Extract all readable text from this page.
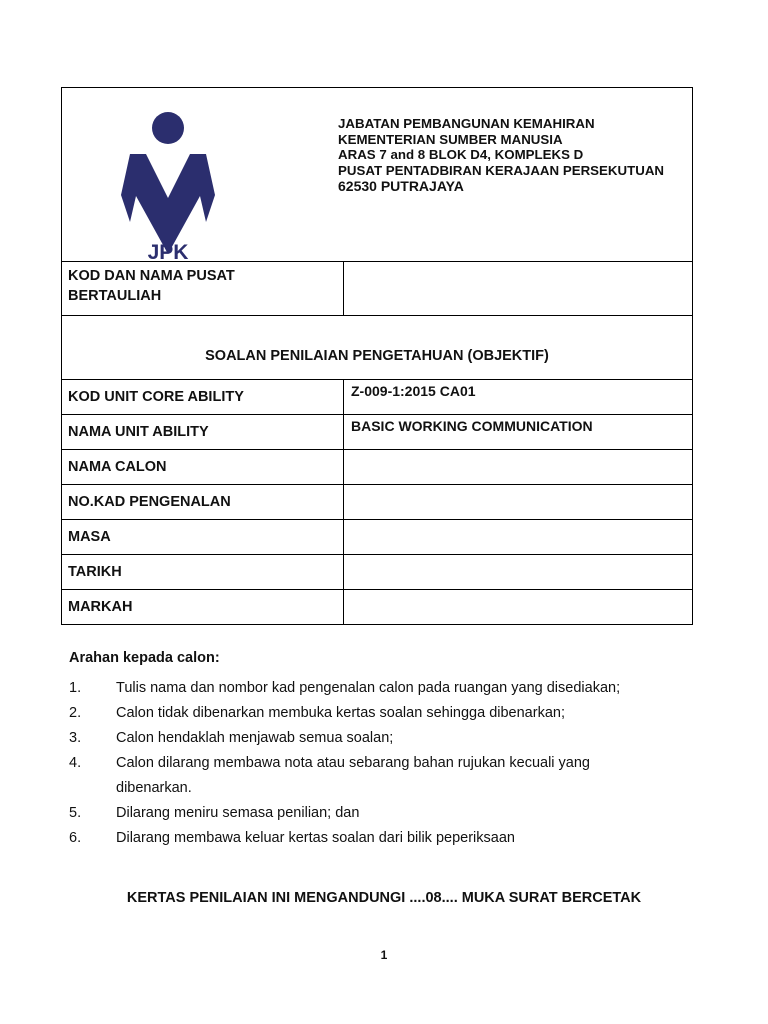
JPK
JABATAN PEMBANGUNAN KEMAHIRAN
KEMENTERIAN SUMBER MANUSIA
ARAS 7 and 8 BLOK D4, KOMPLEKS D
PUSAT PENTADBIRAN KERAJAAN PERSEKUTUAN
62530 PUTRAJAYA
KOD DAN NAMA PUSAT
BERTAULIAH
SOALAN PENILAIAN PENGETAHUAN (OBJEKTIF)
KOD UNIT CORE ABILITY	Z-009-1:2015 CA01
NAMA UNIT ABILITY	BASIC WORKING COMMUNICATION
NAMA CALON
NO.KAD PENGENALAN
MASA
TARIKH
MARKAH
Arahan kepada calon:
1.	Tulis nama dan nombor kad pengenalan calon pada ruangan yang disediakan;
2.	Calon tidak dibenarkan membuka kertas soalan sehingga dibenarkan;
3.	Calon hendaklah menjawab semua soalan;
4.	Calon dilarang membawa nota atau sebarang bahan rujukan kecuali yang dibenarkan.
5.	Dilarang meniru semasa penilian; dan
6.	Dilarang membawa keluar kertas soalan dari bilik peperiksaan
KERTAS PENILAIAN INI MENGANDUNGI ....08.... MUKA SURAT BERCETAK
1
